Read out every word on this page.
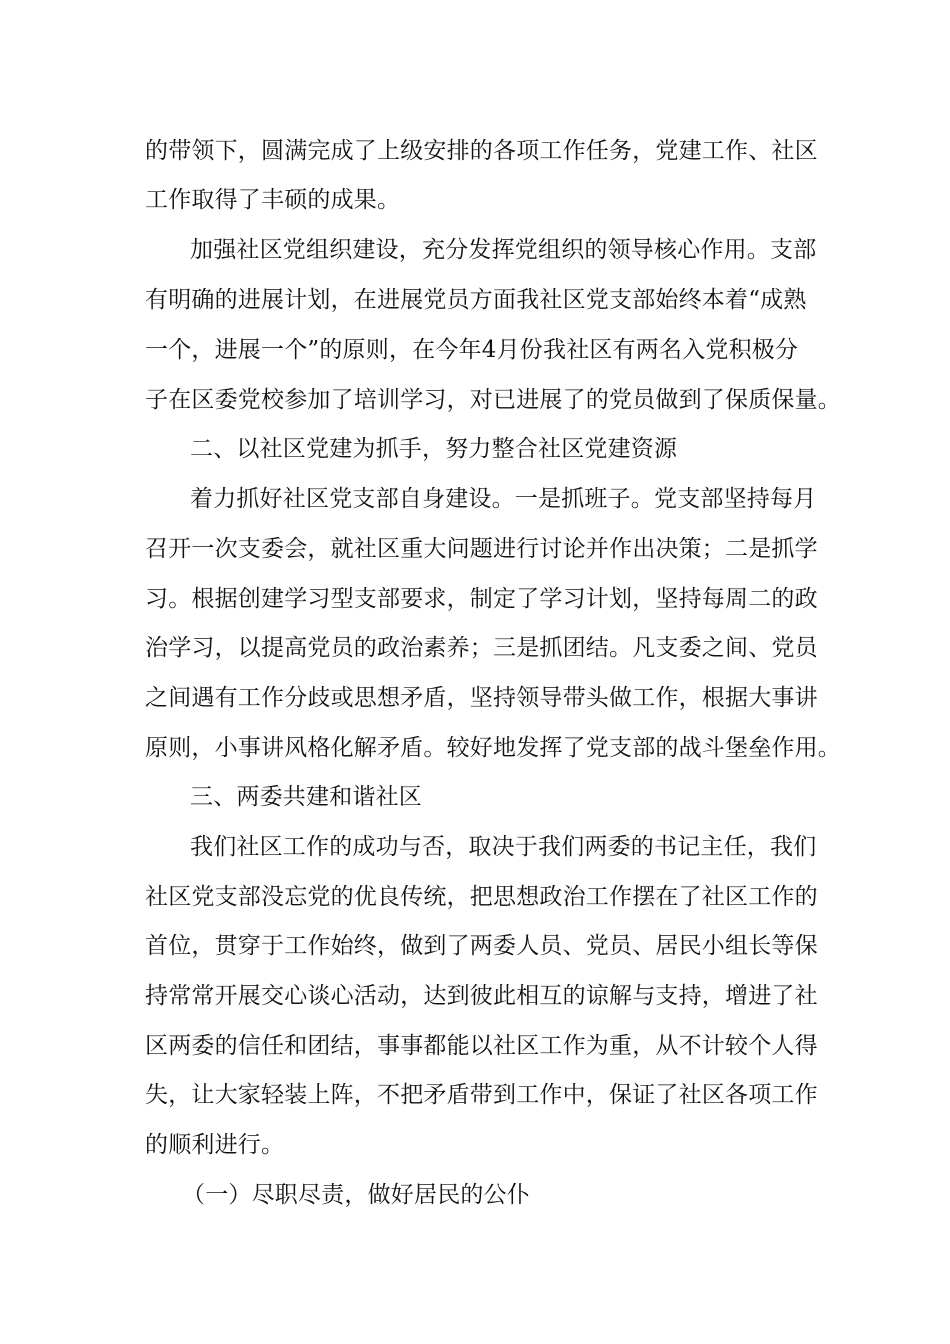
的带领下，圆满完成了上级安排的各项工作任务，党建工作、社区
工作取得了丰硕的成果。
加强社区党组织建设，充分发挥党组织的领导核心作用。支部
有明确的进展计划，在进展党员方面我社区党支部始终本着“成熟
一个，进展一个”的原则，在今年4月份我社区有两名入党积极分
子在区委党校参加了培训学习，对已进展了的党员做到了保质保量。
二、以社区党建为抓手，努力整合社区党建资源
着力抓好社区党支部自身建设。一是抓班子。党支部坚持每月
召开一次支委会，就社区重大问题进行讨论并作出决策；二是抓学
习。根据创建学习型支部要求，制定了学习计划，坚持每周二的政
治学习，以提高党员的政治素养；三是抓团结。凡支委之间、党员
之间遇有工作分歧或思想矛盾，坚持领导带头做工作，根据大事讲
原则，小事讲风格化解矛盾。较好地发挥了党支部的战斗堡垒作用。
三、两委共建和谐社区
我们社区工作的成功与否，取决于我们两委的书记主任，我们
社区党支部没忘党的优良传统，把思想政治工作摆在了社区工作的
首位，贯穿于工作始终，做到了两委人员、党员、居民小组长等保
持常常开展交心谈心活动，达到彼此相互的谅解与支持，增进了社
区两委的信任和团结，事事都能以社区工作为重，从不计较个人得
失，让大家轻装上阵，不把矛盾带到工作中，保证了社区各项工作
的顺利进行。
（一）尽职尽责，做好居民的公仆
